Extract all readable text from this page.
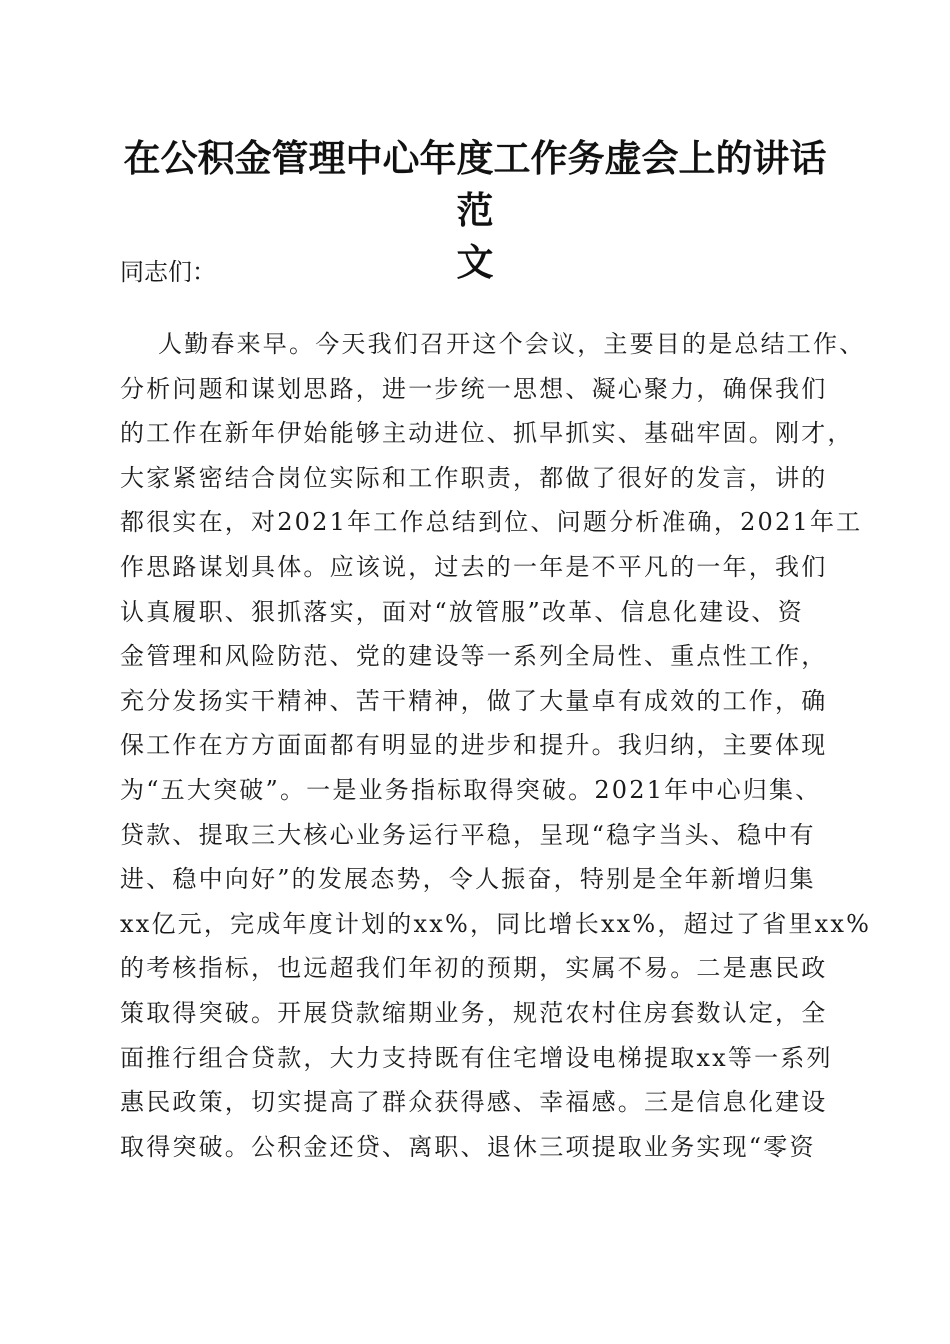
在公积金管理中心年度工作务虚会上的讲话范
文

同志们：

人勤春来早。今天我们召开这个会议，主要目的是总结工作、
分析问题和谋划思路，进一步统一思想、凝心聚力，确保我们
的工作在新年伊始能够主动进位、抓早抓实、基础牢固。刚才，
大家紧密结合岗位实际和工作职责，都做了很好的发言，讲的
都很实在，对2021年工作总结到位、问题分析准确，2021年工
作思路谋划具体。应该说，过去的一年是不平凡的一年，我们
认真履职、狠抓落实，面对“放管服”改革、信息化建设、资
金管理和风险防范、党的建设等一系列全局性、重点性工作，
充分发扬实干精神、苦干精神，做了大量卓有成效的工作，确
保工作在方方面面都有明显的进步和提升。我归纳，主要体现
为“五大突破”。一是业务指标取得突破。2021年中心归集、
贷款、提取三大核心业务运行平稳，呈现“稳字当头、稳中有
进、稳中向好”的发展态势，令人振奋，特别是全年新增归集
xx亿元，完成年度计划的xx%，同比增长xx%，超过了省里xx%
的考核指标，也远超我们年初的预期，实属不易。二是惠民政
策取得突破。开展贷款缩期业务，规范农村住房套数认定，全
面推行组合贷款，大力支持既有住宅增设电梯提取xx等一系列
惠民政策，切实提高了群众获得感、幸福感。三是信息化建设
取得突破。公积金还贷、离职、退休三项提取业务实现“零资
